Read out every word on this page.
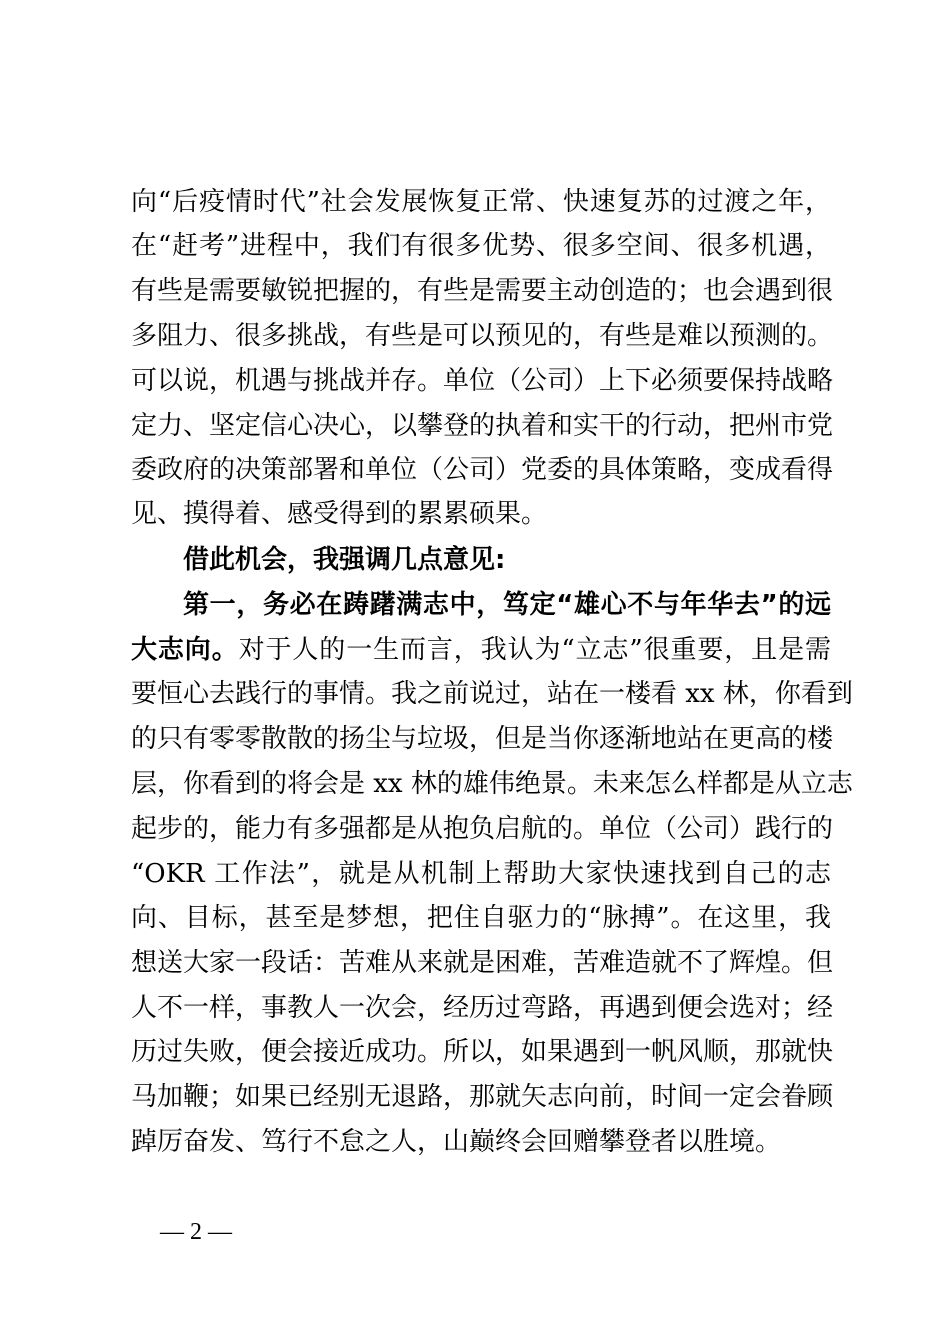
向“后疫情时代”社会发展恢复正常、快速复苏的过渡之年，
在“赶考”进程中，我们有很多优势、很多空间、很多机遇，
有些是需要敏锐把握的，有些是需要主动创造的；也会遇到很
多阻力、很多挑战，有些是可以预见的，有些是难以预测的。
可以说，机遇与挑战并存。单位（公司）上下必须要保持战略
定力、坚定信心决心，以攀登的执着和实干的行动，把州市党
委政府的决策部署和单位（公司）党委的具体策略，变成看得
见、摸得着、感受得到的累累硕果。
借此机会，我强调几点意见:
第一，务必在踌躇满志中，笃定“雄心不与年华去”的远
大志向。对于人的一生而言，我认为“立志”很重要，且是需
要恒心去践行的事情。我之前说过，站在一楼看 xx 林，你看到
的只有零零散散的扬尘与垃圾，但是当你逐渐地站在更高的楼
层，你看到的将会是 xx 林的雄伟绝景。未来怎么样都是从立志
起步的，能力有多强都是从抱负启航的。单位（公司）践行的
“OKR 工作法”，就是从机制上帮助大家快速找到自己的志
向、目标，甚至是梦想，把住自驱力的“脉搏”。在这里，我
想送大家一段话：苦难从来就是困难，苦难造就不了辉煌。但
人不一样，事教人一次会，经历过弯路，再遇到便会选对；经
历过失败，便会接近成功。所以，如果遇到一帆风顺，那就快
马加鞭；如果已经别无退路，那就矢志向前，时间一定会眷顾
踔厉奋发、笃行不怠之人，山巅终会回赠攀登者以胜境。
— 2 —
